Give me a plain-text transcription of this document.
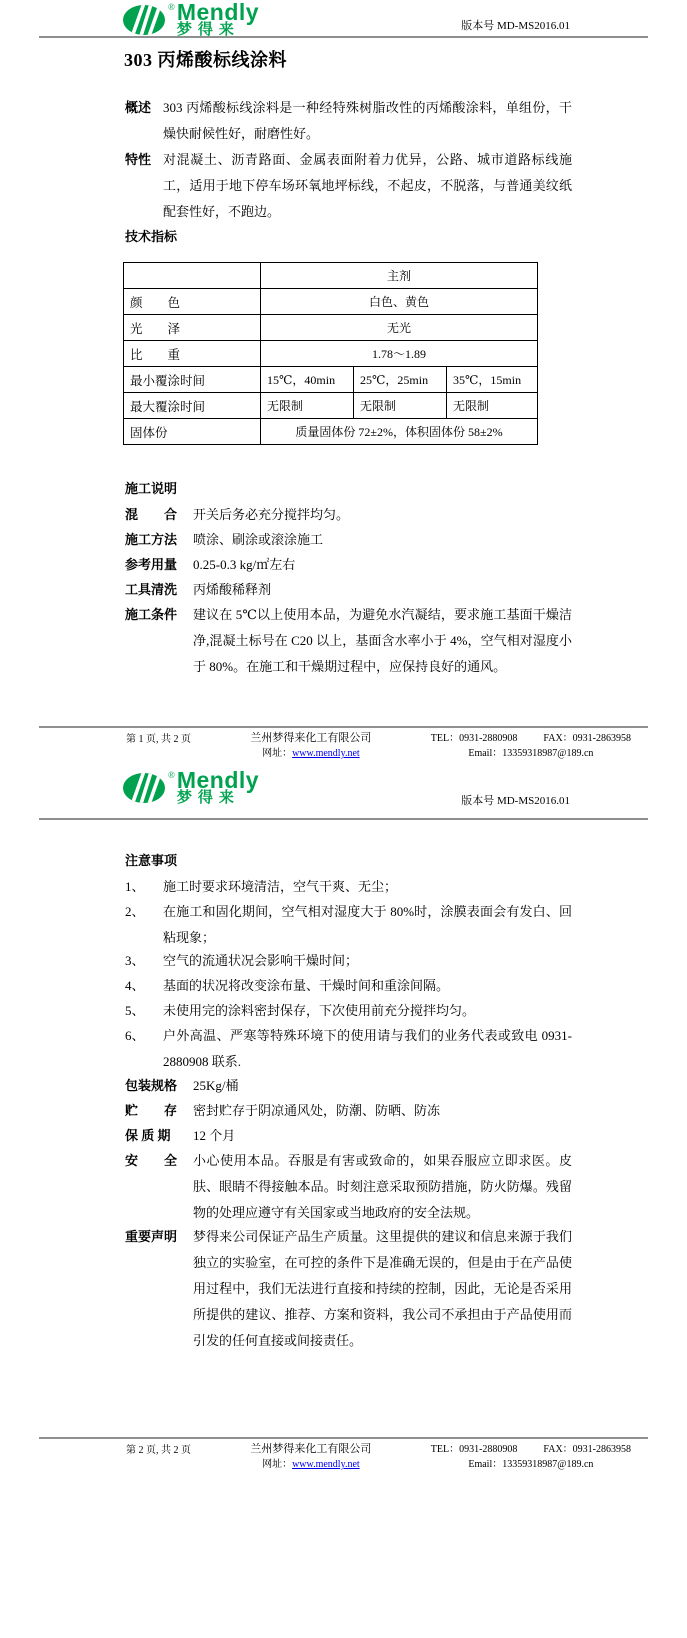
® Mendly
梦得来	版本号 MD-MS2016.01
303 丙烯酸标线涂料
概述 303 丙烯酸标线涂料是一种经特殊树脂改性的丙烯酸涂料，单组份，干燥快耐候性好，耐磨性好。
特性 对混凝土、沥青路面、金属表面附着力优异，公路、城市道路标线施工，适用于地下停车场环氧地坪标线，不起皮，不脱落，与普通美纹纸配套性好，不跑边。
技术指标
	主剂		
颜　　色	白色、黄色		
光　　泽	无光		
比　　重	1.78～1.89		
最小覆涂时间	15℃，40min	25℃，25min	35℃，15min
最大覆涂时间	无限制	无限制	无限制
固体份	质量固体份 72±2%，体积固体份 58±2%		
施工说明
混　　合	开关后务必充分搅拌均匀。
施工方法	喷涂、刷涂或滚涂施工
参考用量	0.25-0.3 kg/㎡左右
工具清洗	丙烯酸稀释剂
施工条件	建议在 5℃以上使用本品，为避免水汽凝结，要求施工基面干燥洁净,混凝土标号在 C20 以上，基面含水率小于 4%，空气相对湿度小于 80%。在施工和干燥期过程中，应保持良好的通风。
第 1 页, 共 2 页	兰州梦得来化工有限公司
网址：www.mendly.net
TEL：0931-2880908	FAX：0931-2863958
Email：13359318987@189.cn
® Mendly
梦得来	版本号 MD-MS2016.01
注意事项
1、	施工时要求环境清洁，空气干爽、无尘；
2、	在施工和固化期间，空气相对湿度大于 80%时，涂膜表面会有发白、回粘现象；
3、	空气的流通状况会影响干燥时间；
4、	基面的状况将改变涂布量、干燥时间和重涂间隔。
5、	未使用完的涂料密封保存，下次使用前充分搅拌均匀。
6、	户外高温、严寒等特殊环境下的使用请与我们的业务代表或致电 0931-2880908 联系.
包装规格	25Kg/桶
贮　　存	密封贮存于阴凉通风处，防潮、防晒、防冻
保 质 期	12 个月
安　　全	小心使用本品。吞服是有害或致命的，如果吞服应立即求医。皮肤、眼睛不得接触本品。时刻注意采取预防措施，防火防爆。残留物的处理应遵守有关国家或当地政府的安全法规。
重要声明	梦得来公司保证产品生产质量。这里提供的建议和信息来源于我们独立的实验室，在可控的条件下是准确无误的，但是由于在产品使用过程中，我们无法进行直接和持续的控制，因此，无论是否采用所提供的建议、推荐、方案和资料，我公司不承担由于产品使用而引发的任何直接或间接责任。
第 2 页, 共 2 页	兰州梦得来化工有限公司
网址：www.mendly.net
TEL：0931-2880908	FAX：0931-2863958
Email：13359318987@189.cn
